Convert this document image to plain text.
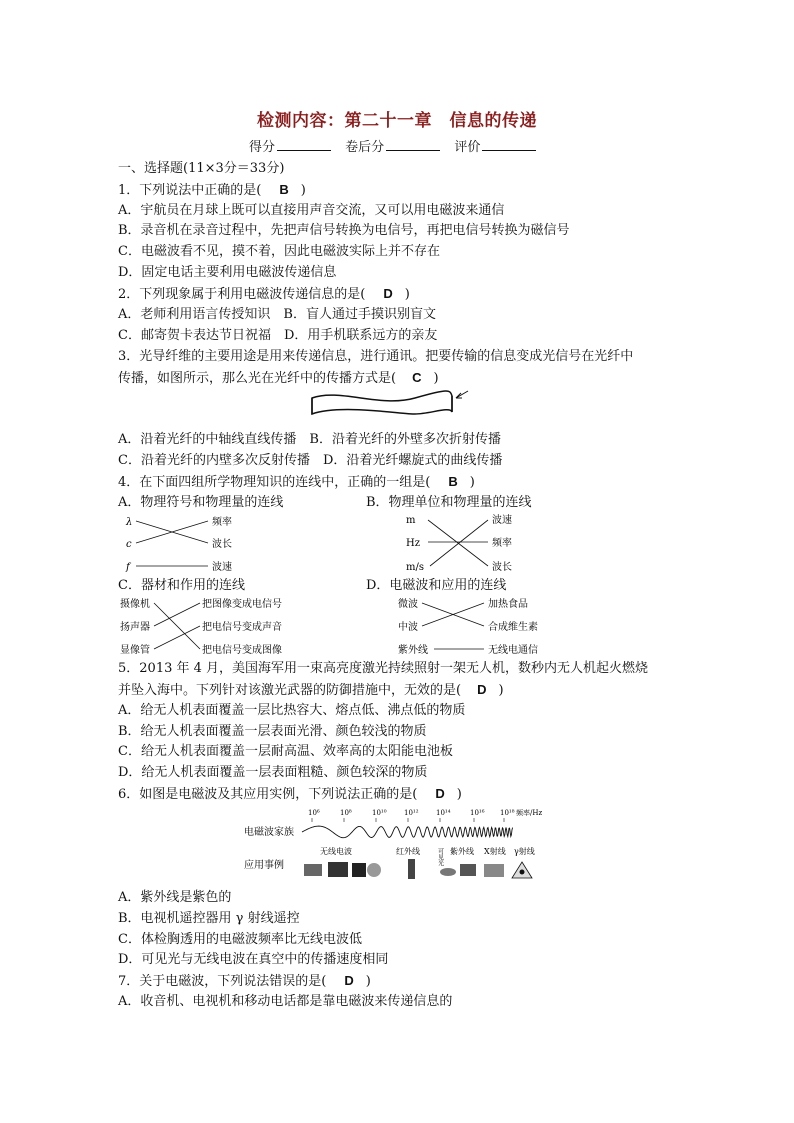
检测内容：第二十一章　信息的传递
得分	卷后分	评价
一、选择题(11×3分＝33分)
1．下列说法中正确的是( B )
A．宇航员在月球上既可以直接用声音交流，又可以用电磁波来通信
B．录音机在录音过程中，先把声信号转换为电信号，再把电信号转换为磁信号
C．电磁波看不见，摸不着，因此电磁波实际上并不存在
D．固定电话主要利用电磁波传递信息
2．下列现象属于利用电磁波传递信息的是( D )
A．老师利用语言传授知识　B．盲人通过手摸识别盲文
C．邮寄贺卡表达节日祝福　D．用手机联系远方的亲友
3．光导纤维的主要用途是用来传递信息，进行通讯。把要传输的信息变成光信号在光纤中
传播，如图所示，那么光在光纤中的传播方式是( C )
A．沿着光纤的中轴线直线传播　B．沿着光纤的外壁多次折射传播
C．沿着光纤的内壁多次反射传播　D．沿着光纤螺旋式的曲线传播
4．在下面四组所学物理知识的连线中，正确的一组是( B )
A．物理符号和物理量的连线	B．物理单位和物理量的连线
λ
c
f
频率
波长
波速
m
Hz
m/s
波速
频率
波长
C．器材和作用的连线	D．电磁波和应用的连线
摄像机
扬声器
显像管
把图像变成电信号
把电信号变成声音
把电信号变成图像
微波
中波
紫外线
加热食品
合成维生素
无线电通信
5．2013 年 4 月，美国海军用一束高亮度激光持续照射一架无人机，数秒内无人机起火燃烧
并坠入海中。下列针对该激光武器的防御措施中，无效的是( D )
A．给无人机表面覆盖一层比热容大、熔点低、沸点低的物质
B．给无人机表面覆盖一层表面光滑、颜色较浅的物质
C．给无人机表面覆盖一层耐高温、效率高的太阳能电池板
D．给无人机表面覆盖一层表面粗糙、颜色较深的物质
6．如图是电磁波及其应用实例，下列说法正确的是( D )
电磁波家族
应用事例
10⁶	10⁸	10¹⁰ 10¹² 10¹⁴	10¹⁶ 10¹⁸ 频率/Hz
无线电波	红外线	紫外线 X射线 γ射线
可见光
A．紫外线是紫色的
B．电视机遥控器用 γ 射线遥控
C．体检胸透用的电磁波频率比无线电波低
D．可见光与无线电波在真空中的传播速度相同
7．关于电磁波，下列说法错误的是( D )
A．收音机、电视机和移动电话都是靠电磁波来传递信息的
